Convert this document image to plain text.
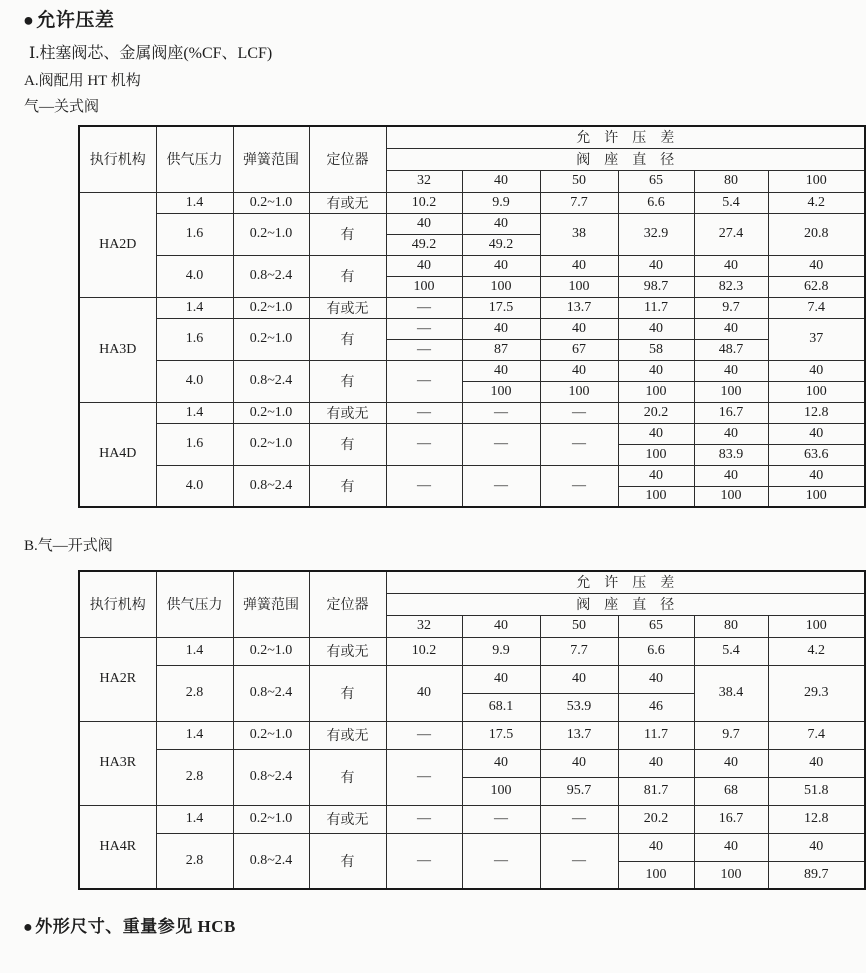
● 允许压差
Ⅰ.柱塞阀芯、金属阀座(%CF、LCF)
A.阀配用 HT 机构
气—关式阀
执行机构	供气压力	弹簧范围	定位器	允　许　压　差					
				阀　座　直　径					
				32	40	50	65	80	100
HA2D	1.4	0.2~1.0	有或无	10.2	9.9	7.7	6.6	5.4	4.2
	1.6	0.2~1.0	有	40	40	38	32.9	27.4	20.8
				49.2	49.2				
	4.0	0.8~2.4	有	40	40	40	40	40	40
				100	100	100	98.7	82.3	62.8
HA3D	1.4	0.2~1.0	有或无	—	17.5	13.7	11.7	9.7	7.4
	1.6	0.2~1.0	有	—	40	40	40	40	37
				—	87	67	58	48.7	
	4.0	0.8~2.4	有	—	40	40	40	40	40
					100	100	100	100	100
HA4D	1.4	0.2~1.0	有或无	—	—	—	20.2	16.7	12.8
	1.6	0.2~1.0	有	—	—	—	40	40	40
							100	83.9	63.6
	4.0	0.8~2.4	有	—	—	—	40	40	40
							100	100	100
B.气—开式阀
执行机构	供气压力	弹簧范围	定位器	允　许　压　差					
				阀　座　直　径					
				32	40	50	65	80	100
HA2R	1.4	0.2~1.0	有或无	10.2	9.9	7.7	6.6	5.4	4.2
	2.8	0.8~2.4	有	40	40	40	40	38.4	29.3
					68.1	53.9	46		
HA3R	1.4	0.2~1.0	有或无	—	17.5	13.7	11.7	9.7	7.4
	2.8	0.8~2.4	有	—	40	40	40	40	40
					100	95.7	81.7	68	51.8
HA4R	1.4	0.2~1.0	有或无	—	—	—	20.2	16.7	12.8
	2.8	0.8~2.4	有	—	—	—	40	40	40
							100	100	89.7
● 外形尺寸、重量参见 HCB
